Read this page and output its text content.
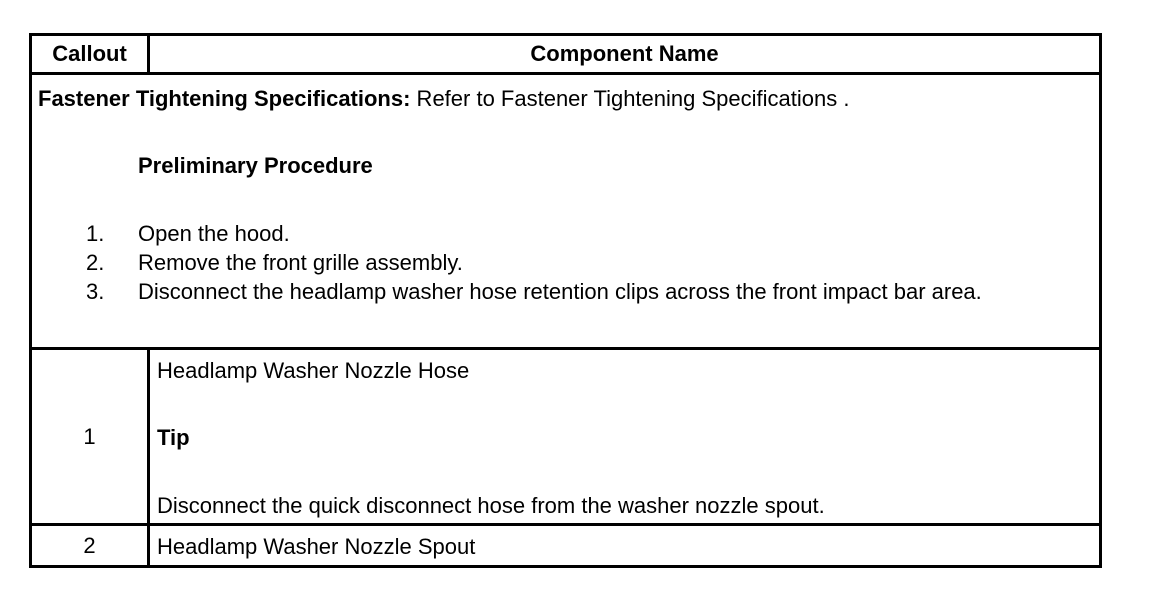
Callout	Component Name
Fastener Tightening Specifications: Refer to Fastener Tightening Specifications .
Preliminary Procedure
1. Open the hood.
2. Remove the front grille assembly.
3. Disconnect the headlamp washer hose retention clips across the front impact bar area.
1
Headlamp Washer Nozzle Hose
Tip
Disconnect the quick disconnect hose from the washer nozzle spout.
2	Headlamp Washer Nozzle Spout
